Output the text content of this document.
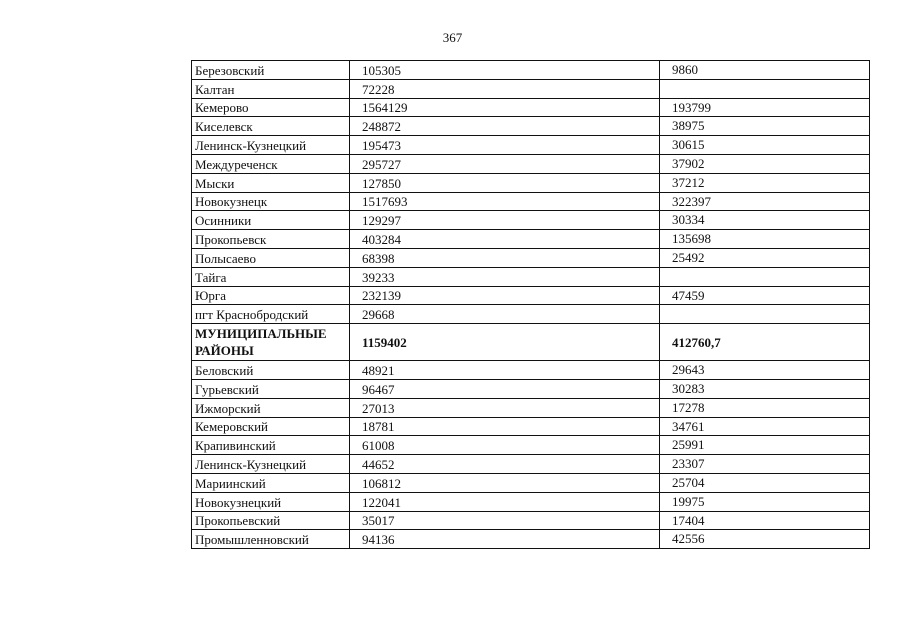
367
Березовский	105305	9860
Калтан	72228	
Кемерово	1564129	193799
Киселевск	248872	38975
Ленинск-Кузнецкий	195473	30615
Междуреченск	295727	37902
Мыски	127850	37212
Новокузнецк	1517693	322397
Осинники	129297	30334
Прокопьевск	403284	135698
Полысаево	68398	25492
Тайга	39233	
Юрга	232139	47459
пгт Краснобродский	29668	
МУНИЦИПАЛЬНЫЕ РАЙОНЫ	1159402	412760,7
Беловский	48921	29643
Гурьевский	96467	30283
Ижморский	27013	17278
Кемеровский	18781	34761
Крапивинский	61008	25991
Ленинск-Кузнецкий	44652	23307
Мариинский	106812	25704
Новокузнецкий	122041	19975
Прокопьевский	35017	17404
Промышленновский	94136	42556
